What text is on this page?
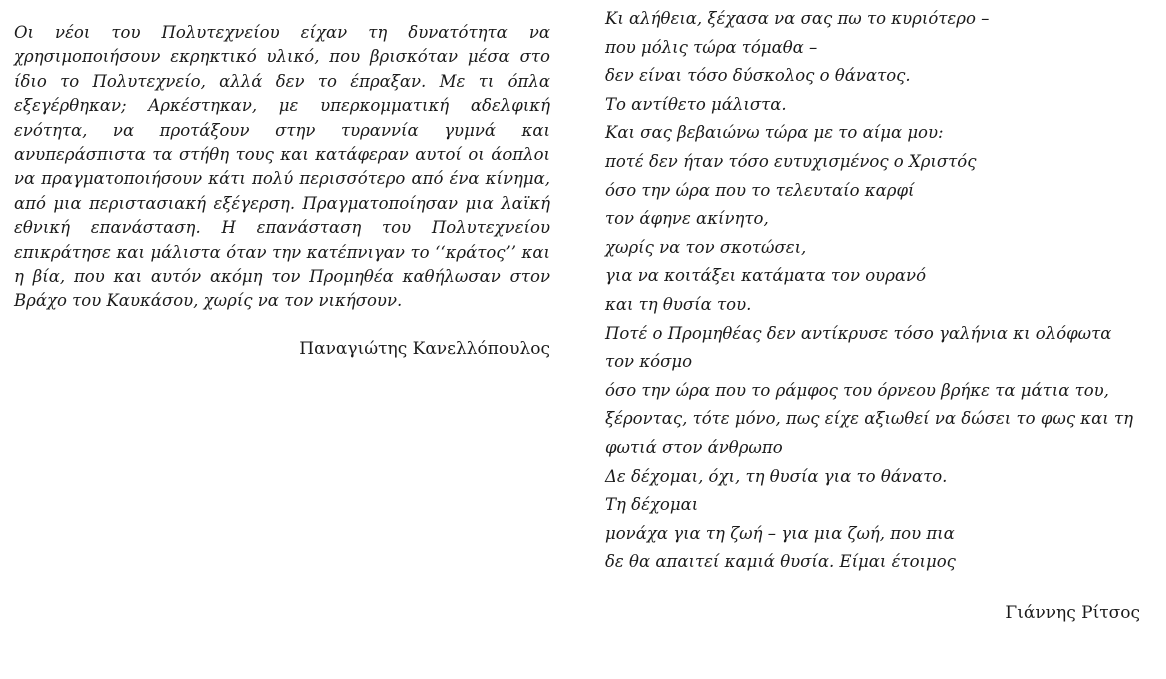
Οι νέοι του Πολυτεχνείου είχαν τη δυνατότητα να χρησιμοποιήσουν εκρηκτικό υλικό, που βρισκόταν μέσα στο ίδιο το Πολυτεχνείο, αλλά δεν το έπραξαν. Με τι όπλα εξεγέρθηκαν; Αρκέστηκαν, με υπερκομματική αδελφική ενότητα, να προτάξουν στην τυραννία γυμνά και ανυπεράσπιστα τα στήθη τους και κατάφεραν αυτοί οι άοπλοι να πραγματοποιήσουν κάτι πολύ περισσότερο από ένα κίνημα, από μια περιστασιακή εξέγερση. Πραγματοποίησαν μια λαϊκή εθνική επανάσταση. Η επανάσταση του Πολυτεχνείου επικράτησε και μάλιστα όταν την κατέπνιγαν το ‘‘κράτος’’ και η βία, που και αυτόν ακόμη τον Προμηθέα καθήλωσαν στον Βράχο του Καυκάσου, χωρίς να τον νικήσουν.

Παναγιώτης Κανελλόπουλος
Κι αλήθεια, ξέχασα να σας πω το κυριότερο –
που μόλις τώρα τόμαθα –
δεν είναι τόσο δύσκολος ο θάνατος.
Το αντίθετο μάλιστα.
Και σας βεβαιώνω τώρα με το αίμα μου:
ποτέ δεν ήταν τόσο ευτυχισμένος ο Χριστός
όσο την ώρα που το τελευταίο καρφί
τον άφηνε ακίνητο,
χωρίς να τον σκοτώσει,
για να κοιτάξει κατάματα τον ουρανό
και τη θυσία του.
Ποτέ ο Προμηθέας δεν αντίκρυσε τόσο γαλήνια κι ολόφωτα τον κόσμο
όσο την ώρα που το ράμφος του όρνεου βρήκε τα μάτια του,
ξέροντας, τότε μόνο, πως είχε αξιωθεί να δώσει το φως και τη φωτιά στον άνθρωπο
Δε δέχομαι, όχι, τη θυσία για το θάνατο.
Τη δέχομαι
μονάχα για τη ζωή – για μια ζωή, που πια
δε θα απαιτεί καμιά θυσία. Είμαι έτοιμος
Γιάννης Ρίτσος
